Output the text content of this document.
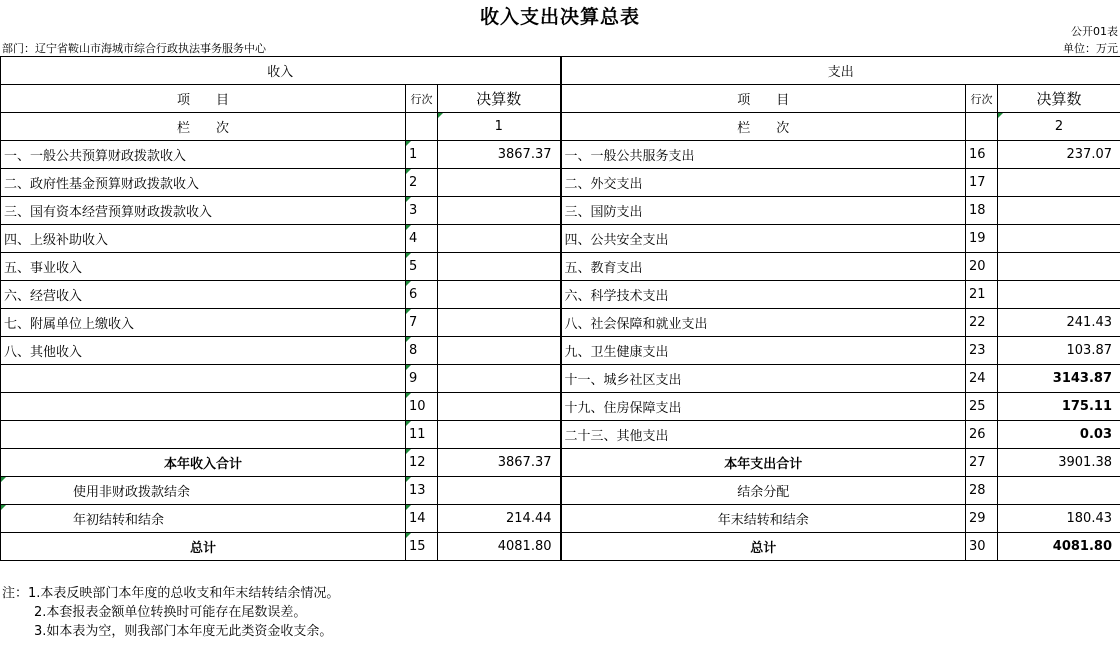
收入支出决算总表
公开01表
部门：辽宁省鞍山市海城市综合行政执法事务服务中心	单位：万元
收入			支出		
项　　目	行次	决算数	项　　目	行次	决算数
栏　　次		1	栏　　次		2
一、一般公共预算财政拨款收入	1	3867.37	一、一般公共服务支出	16	237.07
二、政府性基金预算财政拨款收入	2		二、外交支出	17	
三、国有资本经营预算财政拨款收入	3		三、国防支出	18	
四、上级补助收入	4		四、公共安全支出	19	
五、事业收入	5		五、教育支出	20	
六、经营收入	6		六、科学技术支出	21	
七、附属单位上缴收入	7		八、社会保障和就业支出	22	241.43
八、其他收入	8		九、卫生健康支出	23	103.87
	9		十一、城乡社区支出	24	3143.87
	10		十九、住房保障支出	25	175.11
	11		二十三、其他支出	26	0.03
本年收入合计	12	3867.37	本年支出合计	27	3901.38
使用非财政拨款结余	13		结余分配	28	
年初结转和结余	14	214.44	年末结转和结余	29	180.43
总计	15	4081.80	总计	30	4081.80
注：1.本表反映部门本年度的总收支和年末结转结余情况。
2.本套报表金额单位转换时可能存在尾数误差。
3.如本表为空，则我部门本年度无此类资金收支余。
